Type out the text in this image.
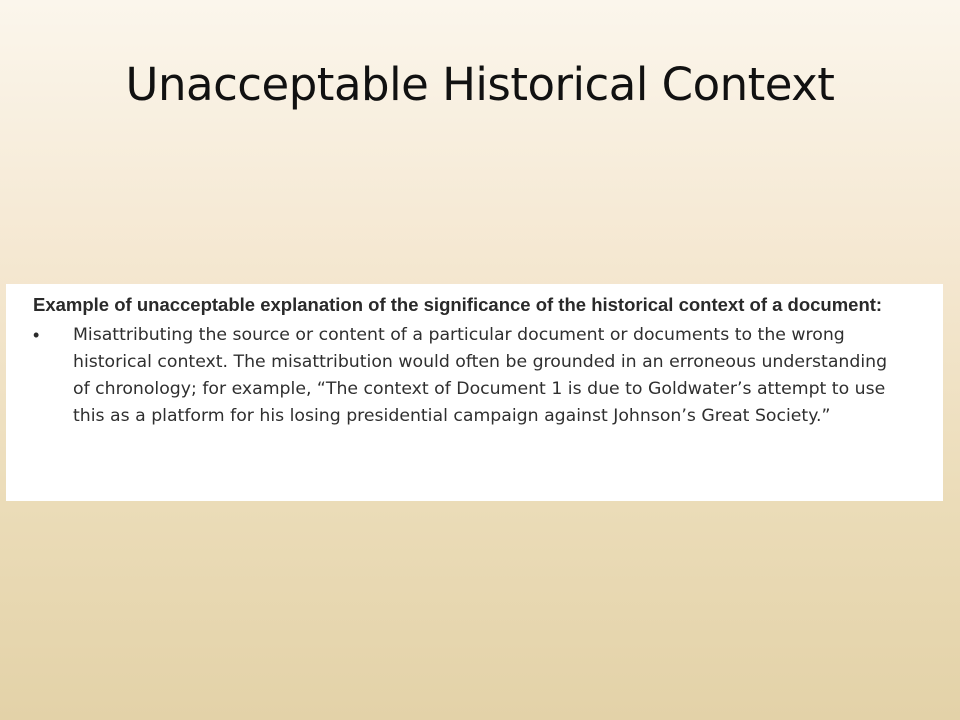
Unacceptable Historical Context

Example of unacceptable explanation of the significance of the historical context of a document:

•	Misattributing the source or content of a particular document or documents to the wrong historical context. The misattribution would often be grounded in an erroneous understanding of chronology; for example, “The context of Document 1 is due to Goldwater’s attempt to use this as a platform for his losing presidential campaign against Johnson’s Great Society.”
